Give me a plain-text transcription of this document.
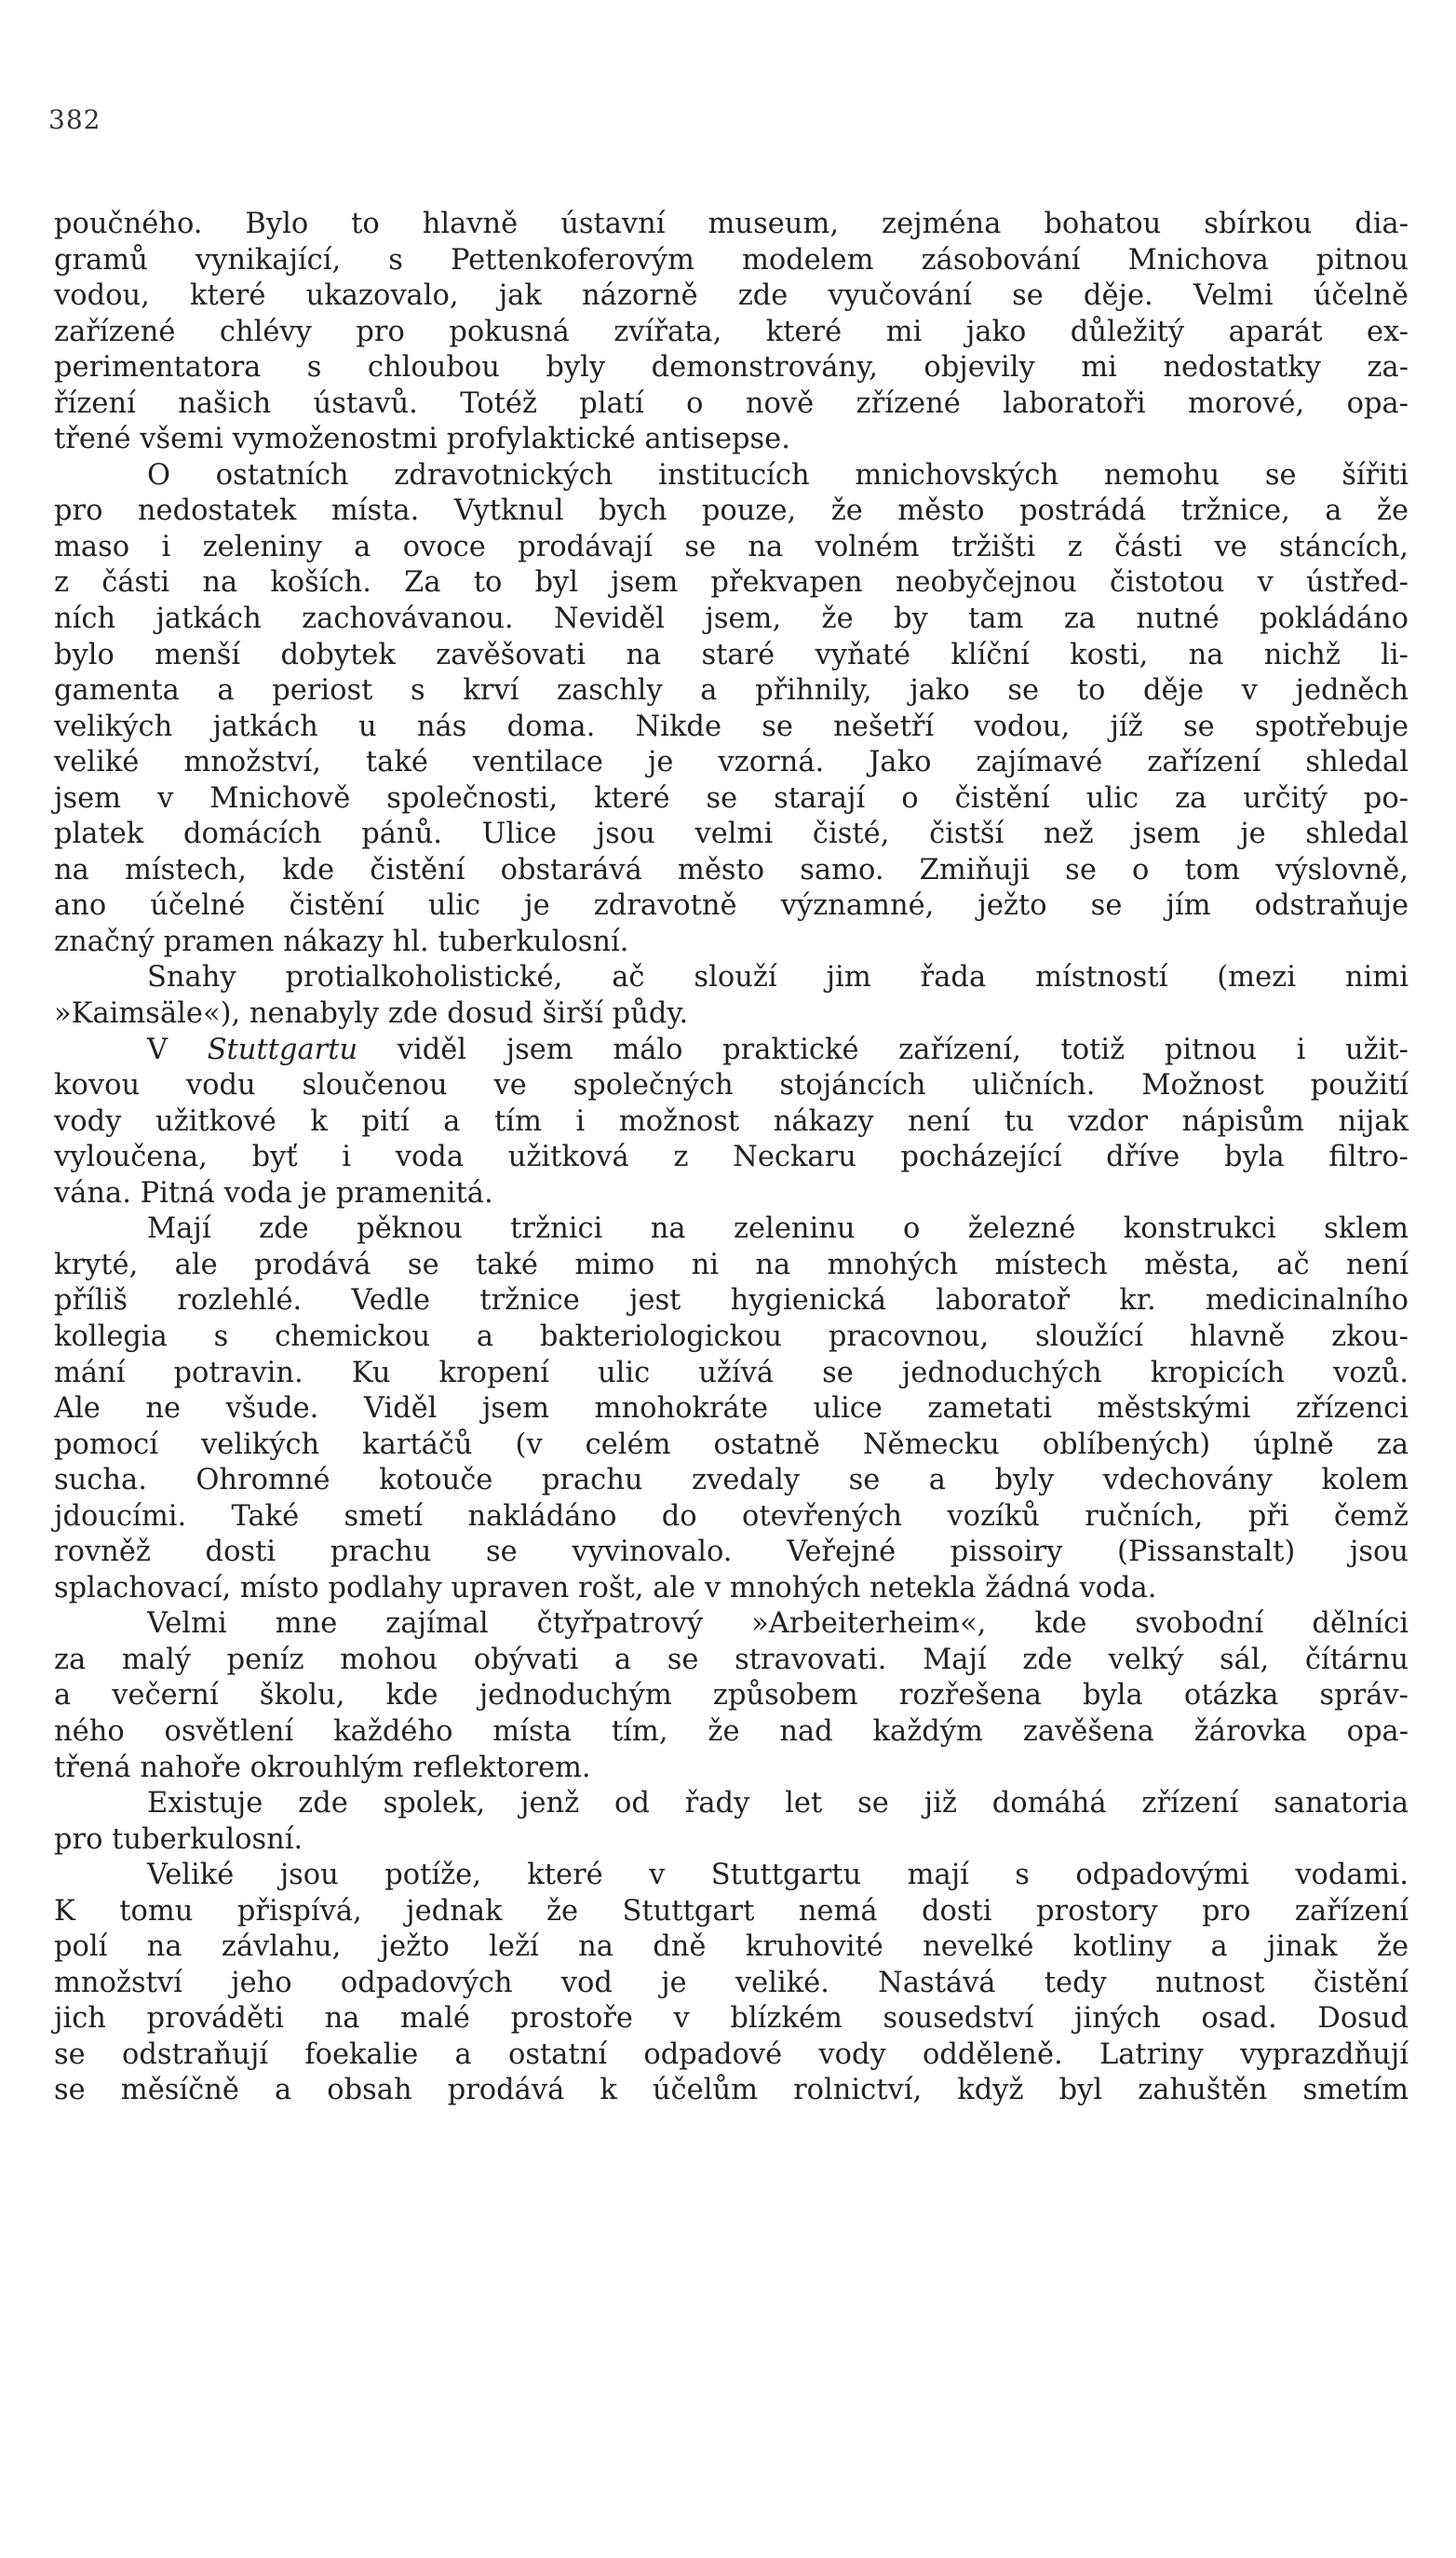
382
poučného. Bylo to hlavně ústavní museum, zejména bohatou sbírkou dia-
gramů vynikající, s Pettenkoferovým modelem zásobování Mnichova pitnou
vodou, které ukazovalo, jak názorně zde vyučování se děje. Velmi účelně
zařízené chlévy pro pokusná zvířata, které mi jako důležitý aparát ex-
perimentatora s chloubou byly demonstrovány, objevily mi nedostatky za-
řízení našich ústavů. Totéž platí o nově zřízené laboratoři morové, opa-
třené všemi vymoženostmi profylaktické antisepse.
O ostatních zdravotnických institucích mnichovských nemohu se šířiti
pro nedostatek místa. Vytknul bych pouze, že město postrádá tržnice, a že
maso i zeleniny a ovoce prodávají se na volném tržišti z části ve stáncích,
z části na koších. Za to byl jsem překvapen neobyčejnou čistotou v ústřed-
ních jatkách zachovávanou. Neviděl jsem, že by tam za nutné pokládáno
bylo menší dobytek zavěšovati na staré vyňaté klíční kosti, na nichž li-
gamenta a periost s krví zaschly a přihnily, jako se to děje v jedněch
velikých jatkách u nás doma. Nikde se nešetří vodou, jíž se spotřebuje
veliké množství, také ventilace je vzorná. Jako zajímavé zařízení shledal
jsem v Mnichově společnosti, které se starají o čistění ulic za určitý po-
platek domácích pánů. Ulice jsou velmi čisté, čistší než jsem je shledal
na místech, kde čistění obstarává město samo. Zmiňuji se o tom výslovně,
ano účelné čistění ulic je zdravotně významné, ježto se jím odstraňuje
značný pramen nákazy hl. tuberkulosní.
Snahy protialkoholistické, ač slouží jim řada místností (mezi nimi
»Kaimsäle«), nenabyly zde dosud širší půdy.
V Stuttgartu viděl jsem málo praktické zařízení, totiž pitnou i užit-
kovou vodu sloučenou ve společných stojáncích uličních. Možnost použití
vody užitkové k pití a tím i možnost nákazy není tu vzdor nápisům nijak
vyloučena, byť i voda užitková z Neckaru pocházející dříve byla filtro-
vána. Pitná voda je pramenitá.
Mají zde pěknou tržnici na zeleninu o železné konstrukci sklem
kryté, ale prodává se také mimo ni na mnohých místech města, ač není
příliš rozlehlé. Vedle tržnice jest hygienická laboratoř kr. medicinalního
kollegia s chemickou a bakteriologickou pracovnou, sloužící hlavně zkou-
mání potravin. Ku kropení ulic užívá se jednoduchých kropicích vozů.
Ale ne všude. Viděl jsem mnohokráte ulice zametati městskými zřízenci
pomocí velikých kartáčů (v celém ostatně Německu oblíbených) úplně za
sucha. Ohromné kotouče prachu zvedaly se a byly vdechovány kolem
jdoucími. Také smetí nakládáno do otevřených vozíků ručních, při čemž
rovněž dosti prachu se vyvinovalo. Veřejné pissoiry (Pissanstalt) jsou
splachovací, místo podlahy upraven rošt, ale v mnohých netekla žádná voda.
Velmi mne zajímal čtyřpatrový »Arbeiterheim«, kde svobodní dělníci
za malý peníz mohou obývati a se stravovati. Mají zde velký sál, čítárnu
a večerní školu, kde jednoduchým způsobem rozřešena byla otázka správ-
ného osvětlení každého místa tím, že nad každým zavěšena žárovka opa-
třená nahoře okrouhlým reflektorem.
Existuje zde spolek, jenž od řady let se již domáhá zřízení sanatoria
pro tuberkulosní.
Veliké jsou potíže, které v Stuttgartu mají s odpadovými vodami.
K tomu přispívá, jednak že Stuttgart nemá dosti prostory pro zařízení
polí na závlahu, ježto leží na dně kruhovité nevelké kotliny a jinak že
množství jeho odpadových vod je veliké. Nastává tedy nutnost čistění
jich prováděti na malé prostoře v blízkém sousedství jiných osad. Dosud
se odstraňují foekalie a ostatní odpadové vody odděleně. Latriny vyprazdňují
se měsíčně a obsah prodává k účelům rolnictví, když byl zahuštěn smetím
